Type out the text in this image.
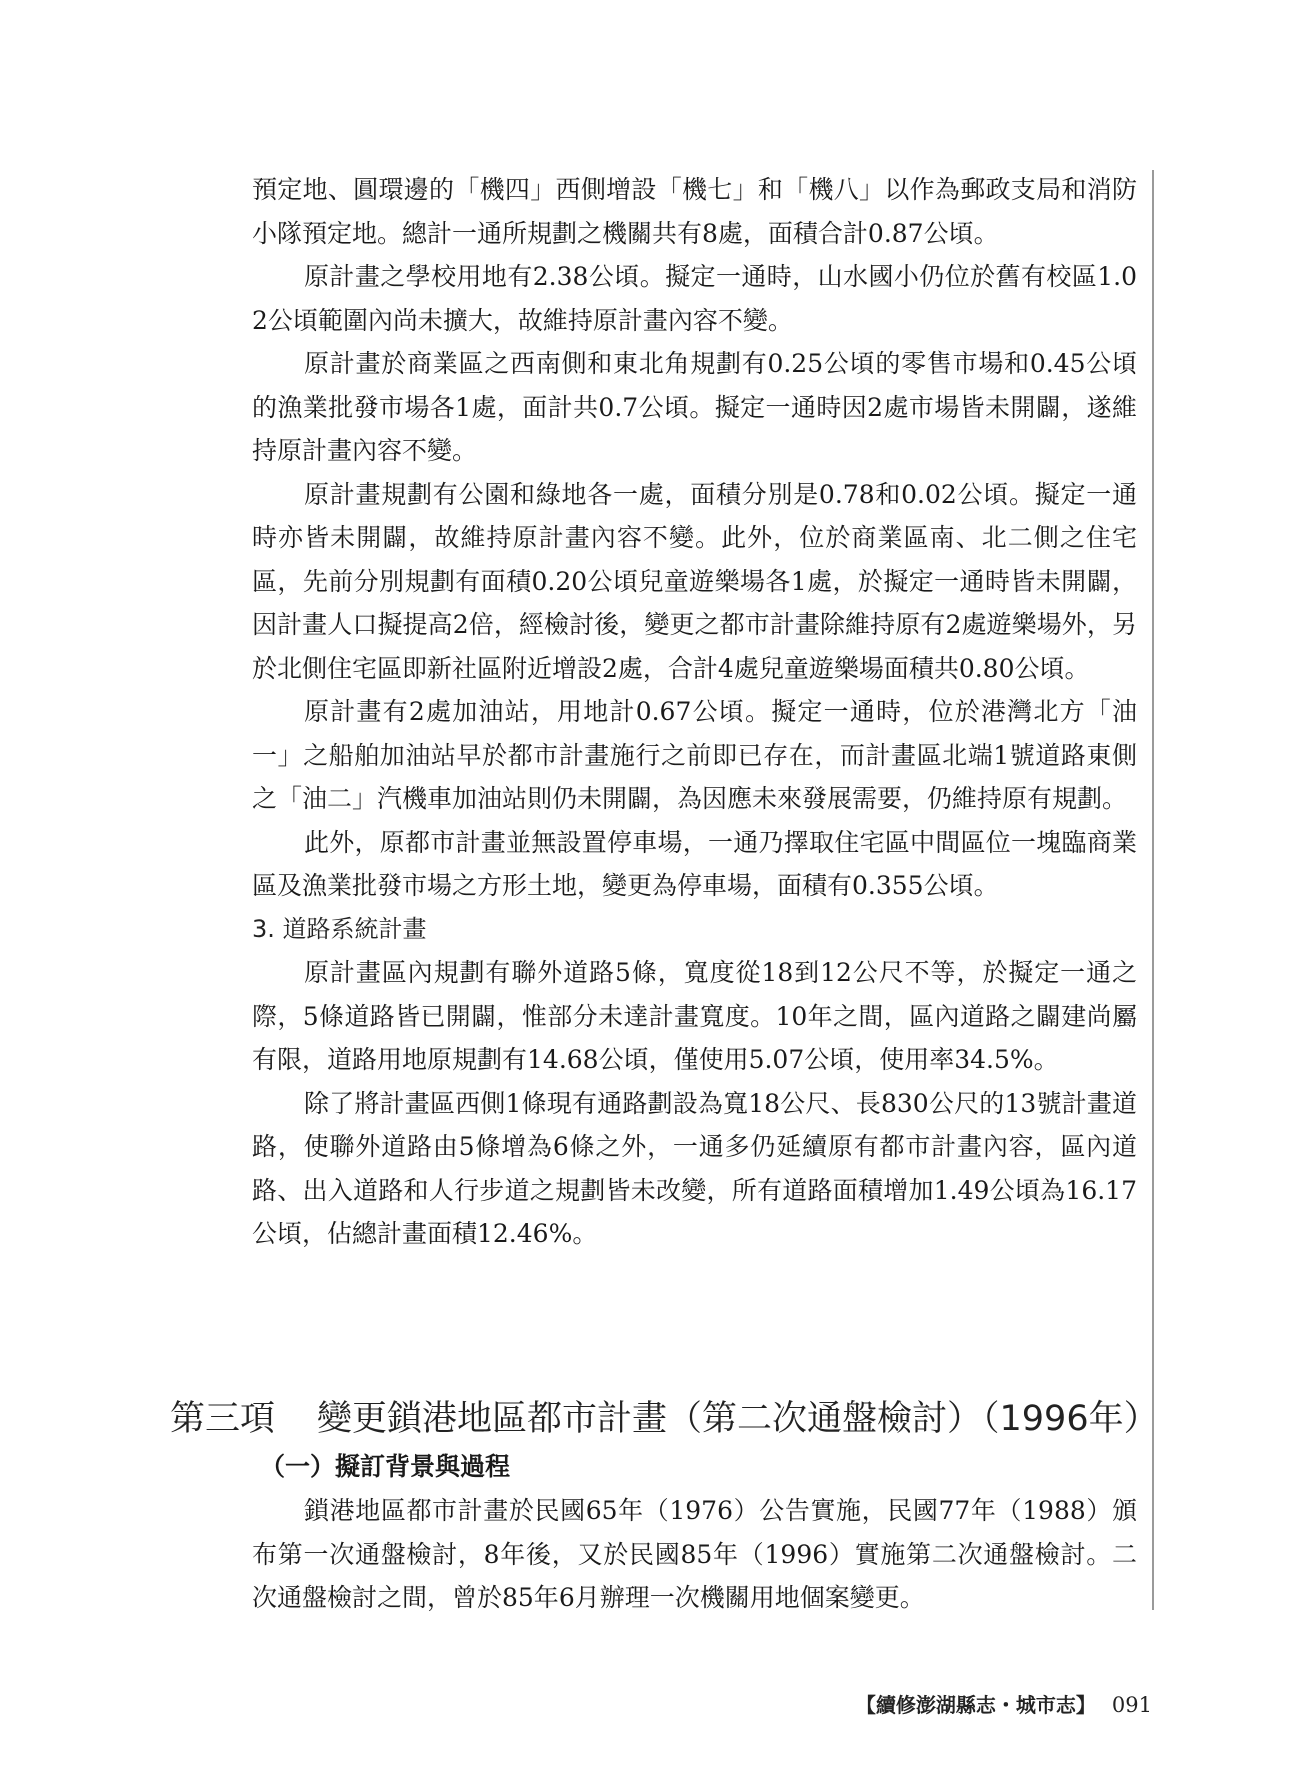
預定地、圓環邊的「機四」西側增設「機七」和「機八」以作為郵政支局和消防小隊預定地。總計一通所規劃之機關共有8處，面積合計0.87公頃。

原計畫之學校用地有2.38公頃。擬定一通時，山水國小仍位於舊有校區1.02公頃範圍內尚未擴大，故維持原計畫內容不變。

原計畫於商業區之西南側和東北角規劃有0.25公頃的零售市場和0.45公頃的漁業批發市場各1處，面計共0.7公頃。擬定一通時因2處市場皆未開闢，遂維持原計畫內容不變。

原計畫規劃有公園和綠地各一處，面積分別是0.78和0.02公頃。擬定一通時亦皆未開闢，故維持原計畫內容不變。此外，位於商業區南、北二側之住宅區，先前分別規劃有面積0.20公頃兒童遊樂場各1處，於擬定一通時皆未開闢，因計畫人口擬提高2倍，經檢討後，變更之都市計畫除維持原有2處遊樂場外，另於北側住宅區即新社區附近增設2處，合計4處兒童遊樂場面積共0.80公頃。

原計畫有2處加油站，用地計0.67公頃。擬定一通時，位於港灣北方「油一」之船舶加油站早於都市計畫施行之前即已存在，而計畫區北端1號道路東側之「油二」汽機車加油站則仍未開闢，為因應未來發展需要，仍維持原有規劃。

此外，原都市計畫並無設置停車場，一通乃擇取住宅區中間區位一塊臨商業區及漁業批發市場之方形土地，變更為停車場，面積有0.355公頃。

3. 道路系統計畫

原計畫區內規劃有聯外道路5條，寬度從18到12公尺不等，於擬定一通之際，5條道路皆已開闢，惟部分未達計畫寬度。10年之間，區內道路之闢建尚屬有限，道路用地原規劃有14.68公頃，僅使用5.07公頃，使用率34.5%。

除了將計畫區西側1條現有通路劃設為寬18公尺、長830公尺的13號計畫道路，使聯外道路由5條增為6條之外，一通多仍延續原有都市計畫內容，區內道路、出入道路和人行步道之規劃皆未改變，所有道路面積增加1.49公頃為16.17公頃，佔總計畫面積12.46%。

第三項 變更鎖港地區都市計畫（第二次通盤檢討）（1996年）

（一）擬訂背景與過程

鎖港地區都市計畫於民國65年（1976）公告實施，民國77年（1988）頒布第一次通盤檢討，8年後，又於民國85年（1996）實施第二次通盤檢討。二次通盤檢討之間，曾於85年6月辦理一次機關用地個案變更。

【續修澎湖縣志・城市志】 091
